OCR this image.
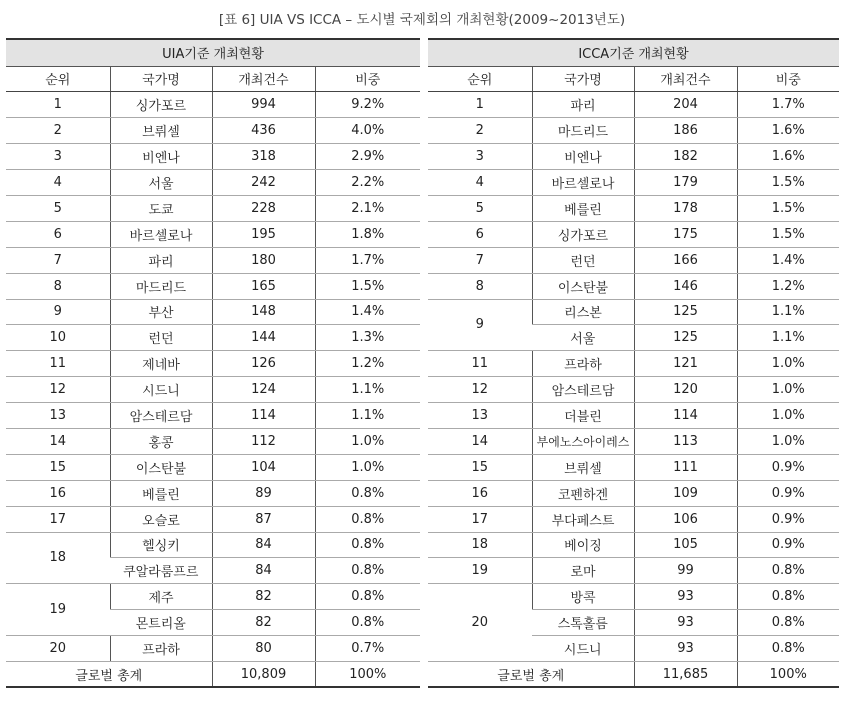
[표 6] UIA VS ICCA – 도시별 국제회의 개최현황(2009~2013년도)
UIA기준 개최현황			
순위	국가명	개최건수	비중
1	싱가포르	994	9.2%
2	브뤼셀	436	4.0%
3	비엔나	318	2.9%
4	서울	242	2.2%
5	도쿄	228	2.1%
6	바르셀로나	195	1.8%
7	파리	180	1.7%
8	마드리드	165	1.5%
9	부산	148	1.4%
10	런던	144	1.3%
11	제네바	126	1.2%
12	시드니	124	1.1%
13	암스테르담	114	1.1%
14	홍콩	112	1.0%
15	이스탄불	104	1.0%
16	베를린	89	0.8%
17	오슬로	87	0.8%
18	헬싱키	84	0.8%
	쿠알라룸프르	84	0.8%
19	제주	82	0.8%
	몬트리올	82	0.8%
20	프라하	80	0.7%
글로벌 총계		10,809	100%
ICCA기준 개최현황			
순위	국가명	개최건수	비중
1	파리	204	1.7%
2	마드리드	186	1.6%
3	비엔나	182	1.6%
4	바르셀로나	179	1.5%
5	베를린	178	1.5%
6	싱가포르	175	1.5%
7	런던	166	1.4%
8	이스탄불	146	1.2%
9	리스본	125	1.1%
	서울	125	1.1%
11	프라하	121	1.0%
12	암스테르담	120	1.0%
13	더블린	114	1.0%
14	부에노스아이레스	113	1.0%
15	브뤼셀	111	0.9%
16	코펜하겐	109	0.9%
17	부다페스트	106	0.9%
18	베이징	105	0.9%
19	로마	99	0.8%
20	방콕	93	0.8%
	스톡홀름	93	0.8%
	시드니	93	0.8%
글로벌 총계		11,685	100%
